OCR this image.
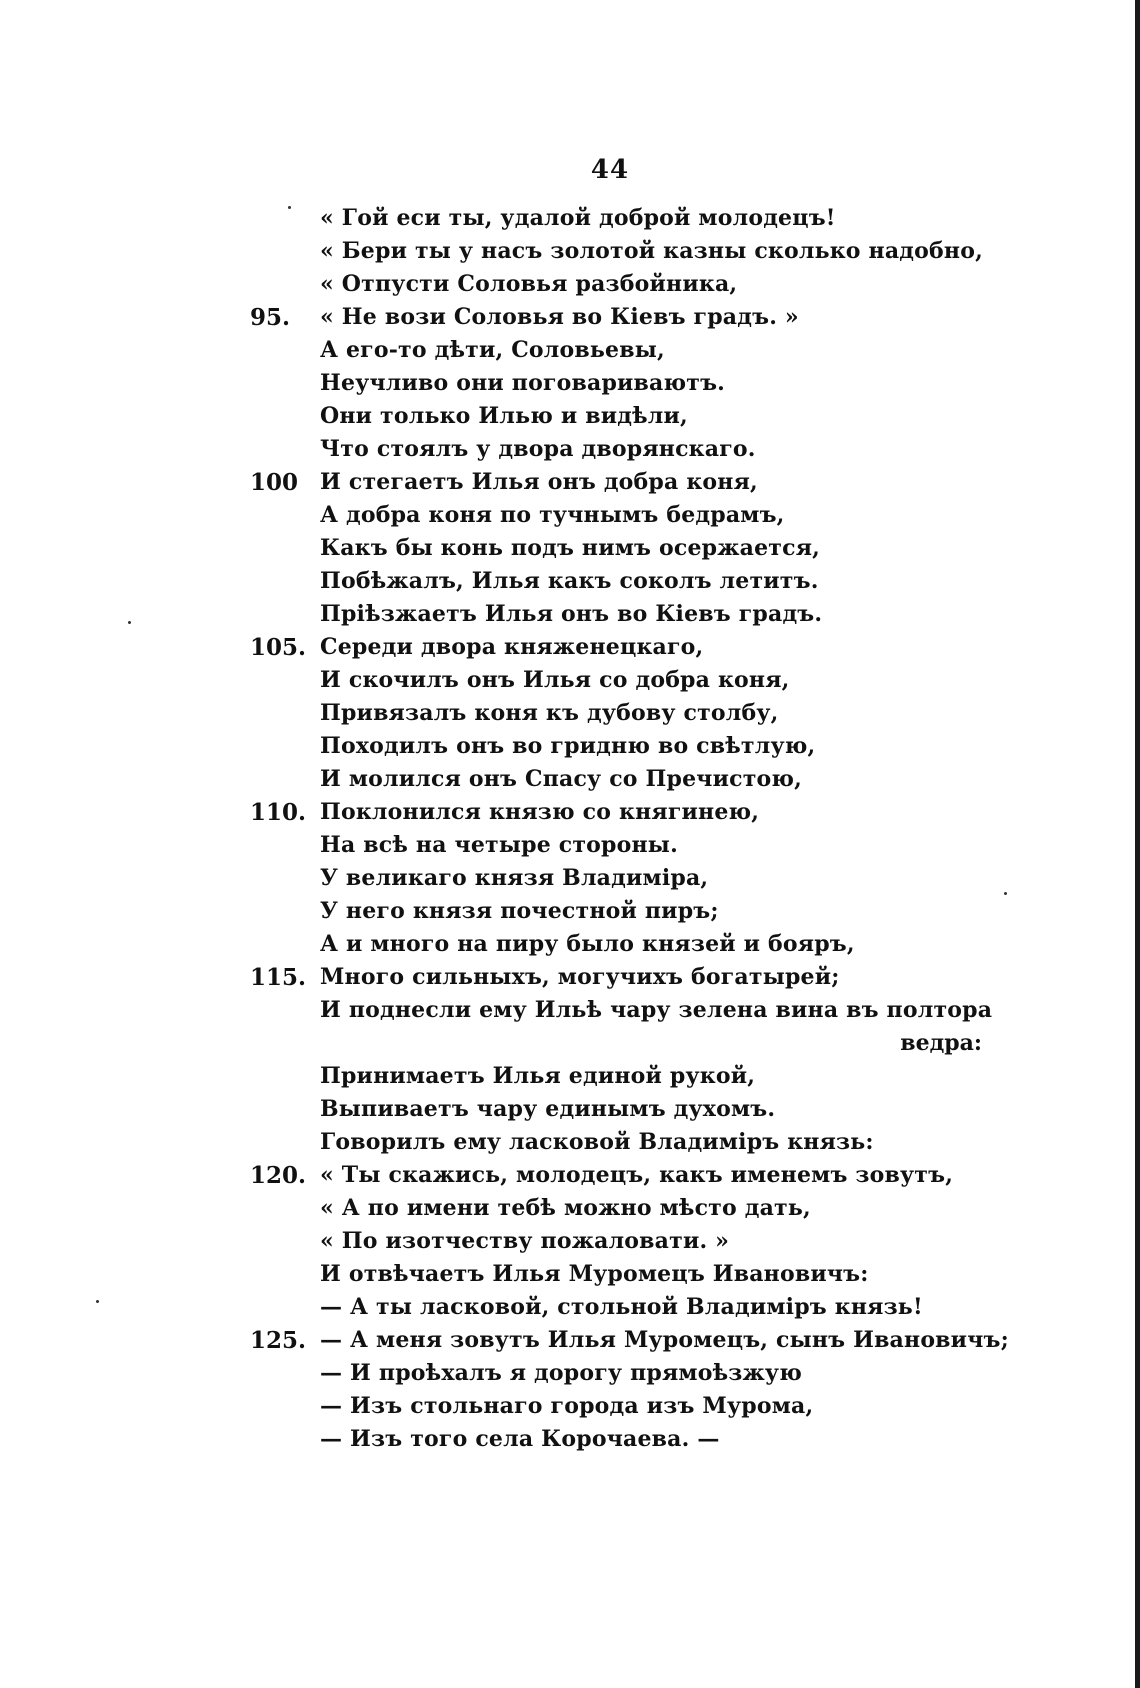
44
« Гой еси ты, удалой доброй молодецъ!
« Бери ты у насъ золотой казны сколько надобно,
« Отпусти Соловья разбойника,
95.	« Не вози Соловья во Кіевъ градъ. »
А его-то дѣти, Соловьевы,
Неучливо они поговариваютъ.
Они только Илью и видѣли,
Что стоялъ у двора дворянскаго.
100 И стегаетъ Илья онъ добра коня,
А добра коня по тучнымъ бедрамъ,
Какъ бы конь подъ нимъ осержается,
Побѣжалъ, Илья какъ соколъ летитъ.
Пріѣзжаетъ Илья онъ во Кіевъ градъ.
105. Середи двора княженецкаго,
И скочилъ онъ Илья со добра коня,
Привязалъ коня къ дубову столбу,
Походилъ онъ во гридню во свѣтлую,
И молился онъ Спасу со Пречистою,
110. Поклонился князю со княгинею,
На всѣ на четыре стороны.
У великаго князя Владиміра,
У него князя почестной пиръ;
А и много на пиру было князей и бояръ,
115. Много сильныхъ, могучихъ богатырей;
И поднесли ему Ильѣ чару зелена вина въ полтора
ведра:
Принимаетъ Илья единой рукой,
Выпиваетъ чару единымъ духомъ.
Говорилъ ему ласковой Владиміръ князь:
120. « Ты скажись, молодецъ, какъ именемъ зовутъ,
« А по имени тебѣ можно мѣсто дать,
« По изотчеству пожаловати. »
И отвѣчаетъ Илья Муромецъ Ивановичъ:
— А ты ласковой, стольной Владиміръ князь!
125. — А меня зовутъ Илья Муромецъ, сынъ Ивановичъ;
— И проѣхалъ я дорогу прямоѣзжую
— Изъ стольнаго города изъ Мурома,
— Изъ того села Корочаева. —
